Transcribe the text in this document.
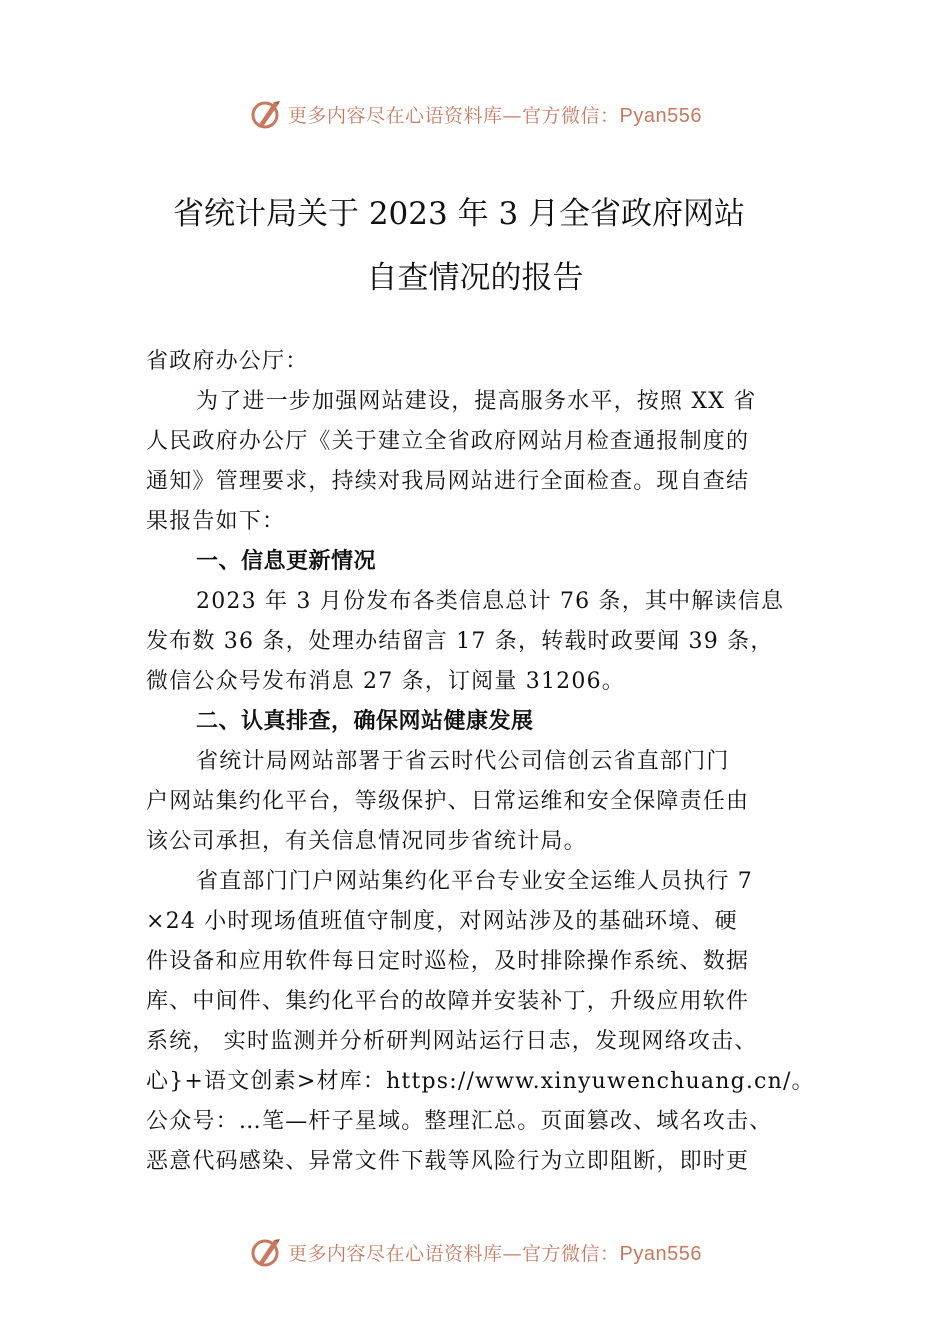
更多内容尽在心语资料库—官方微信：Pyan556
省统计局关于 2023 年 3 月全省政府网站
自查情况的报告
省政府办公厅：
为了进一步加强网站建设，提高服务水平，按照 XX 省
人民政府办公厅《关于建立全省政府网站月检查通报制度的
通知》管理要求，持续对我局网站进行全面检查。现自查结
果报告如下：
一、信息更新情况
2023 年 3 月份发布各类信息总计 76 条，其中解读信息
发布数 36 条，处理办结留言 17 条，转载时政要闻 39 条，
微信公众号发布消息 27 条，订阅量 31206。
二、认真排查，确保网站健康发展
省统计局网站部署于省云时代公司信创云省直部门门
户网站集约化平台，等级保护、日常运维和安全保障责任由
该公司承担，有关信息情况同步省统计局。
省直部门门户网站集约化平台专业安全运维人员执行 7
×24 小时现场值班值守制度，对网站涉及的基础环境、硬
件设备和应用软件每日定时巡检，及时排除操作系统、数据
库、中间件、集约化平台的故障并安装补丁，升级应用软件
系统， 实时监测并分析研判网站运行日志，发现网络攻击、
心}+语文创素>材库：https://www.xinyuwenchuang.cn/。
公众号：…笔—杆子星域。整理汇总。页面篡改、域名攻击、
恶意代码感染、异常文件下载等风险行为立即阻断，即时更
更多内容尽在心语资料库—官方微信：Pyan556
